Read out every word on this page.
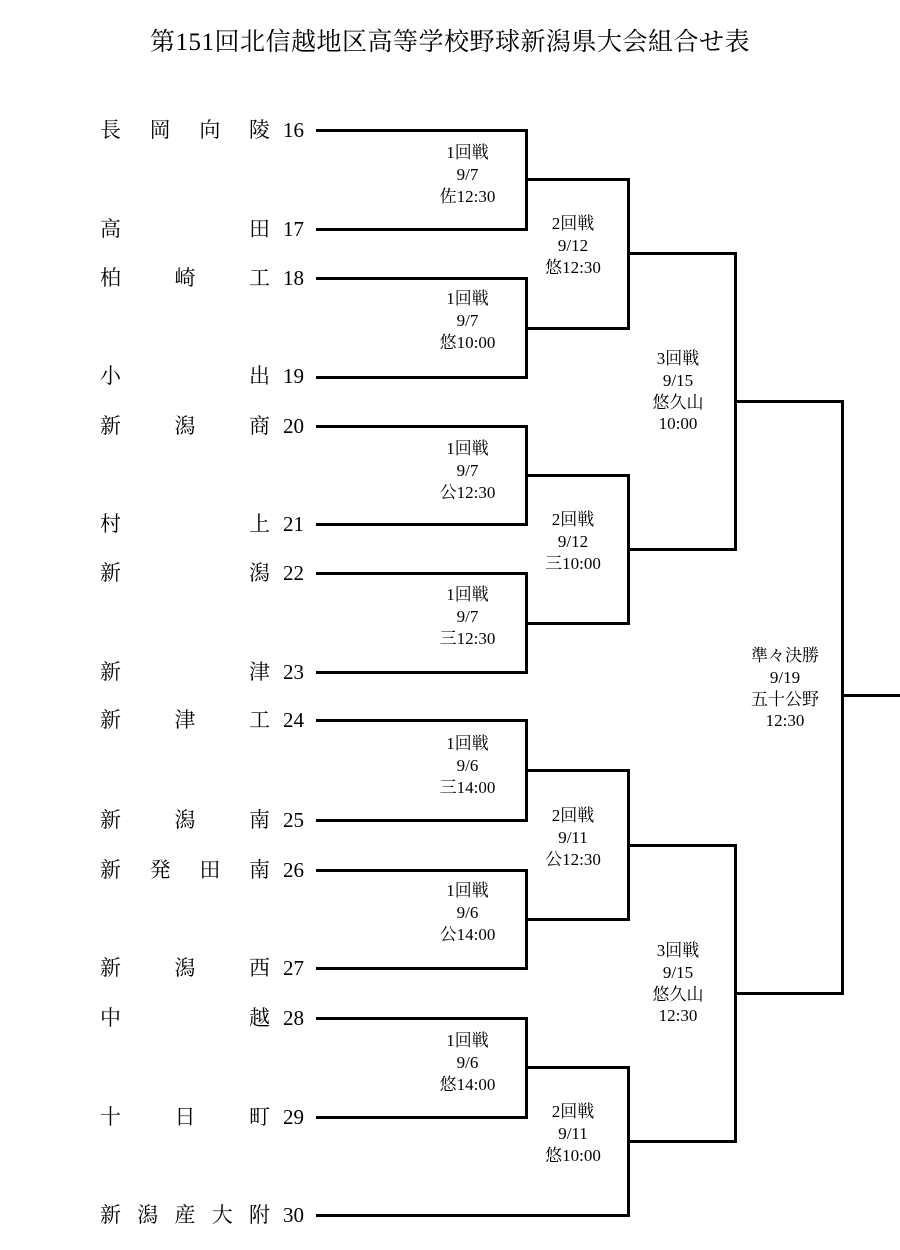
第151回北信越地区高等学校野球新潟県大会組合せ表
長岡向陵 16
高田 17
柏崎工 18
小出 19
新潟商 20
村上 21
新潟 22
新津 23
新津工 24
新潟南 25
新発田南 26
新潟西 27
中越 28
十日町 29
新潟産大附 30
1回戦
9/7
佐12:30
1回戦
9/7
悠10:00
2回戦
9/12
悠12:30
1回戦
9/7
公12:30
1回戦
9/7
三12:30
2回戦
9/12
三10:00
3回戦
9/15
悠久山
10:00
1回戦
9/6
三14:00
1回戦
9/6
公14:00
2回戦
9/11
公12:30
1回戦
9/6
悠14:00
2回戦
9/11
悠10:00
3回戦
9/15
悠久山
12:30
準々決勝
9/19
五十公野
12:30
